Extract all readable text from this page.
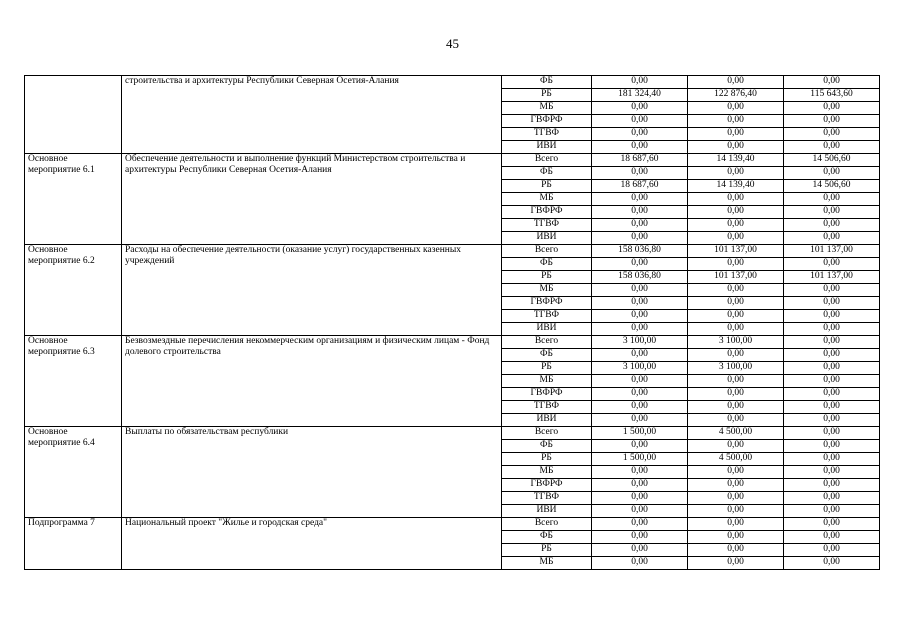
45
	строительства и архитектуры Республики Северная Осетия-Алания	ФБ	0,00	0,00	0,00
		РБ	181 324,40	122 876,40	115 643,60
		МБ	0,00	0,00	0,00
		ГВФРФ	0,00	0,00	0,00
		ТГВФ	0,00	0,00	0,00
		ИВИ	0,00	0,00	0,00
Основное мероприятие 6.1	Обеспечение деятельности и выполнение функций Министерством строительства и архитектуры Республики Северная Осетия-Алания	Всего	18 687,60	14 139,40	14 506,60
		ФБ	0,00	0,00	0,00
		РБ	18 687,60	14 139,40	14 506,60
		МБ	0,00	0,00	0,00
		ГВФРФ	0,00	0,00	0,00
		ТГВФ	0,00	0,00	0,00
		ИВИ	0,00	0,00	0,00
Основное мероприятие 6.2	Расходы на обеспечение деятельности (оказание услуг) государственных казенных учреждений	Всего	158 036,80	101 137,00	101 137,00
		ФБ	0,00	0,00	0,00
		РБ	158 036,80	101 137,00	101 137,00
		МБ	0,00	0,00	0,00
		ГВФРФ	0,00	0,00	0,00
		ТГВФ	0,00	0,00	0,00
		ИВИ	0,00	0,00	0,00
Основное мероприятие 6.3	Безвозмездные перечисления некоммерческим организациям и физическим лицам - Фонд долевого строительства	Всего	3 100,00	3 100,00	0,00
		ФБ	0,00	0,00	0,00
		РБ	3 100,00	3 100,00	0,00
		МБ	0,00	0,00	0,00
		ГВФРФ	0,00	0,00	0,00
		ТГВФ	0,00	0,00	0,00
		ИВИ	0,00	0,00	0,00
Основное мероприятие 6.4	Выплаты по обязательствам республики	Всего	1 500,00	4 500,00	0,00
		ФБ	0,00	0,00	0,00
		РБ	1 500,00	4 500,00	0,00
		МБ	0,00	0,00	0,00
		ГВФРФ	0,00	0,00	0,00
		ТГВФ	0,00	0,00	0,00
		ИВИ	0,00	0,00	0,00
Подпрограмма 7	Национальный проект "Жилье и городская среда"	Всего	0,00	0,00	0,00
		ФБ	0,00	0,00	0,00
		РБ	0,00	0,00	0,00
		МБ	0,00	0,00	0,00
